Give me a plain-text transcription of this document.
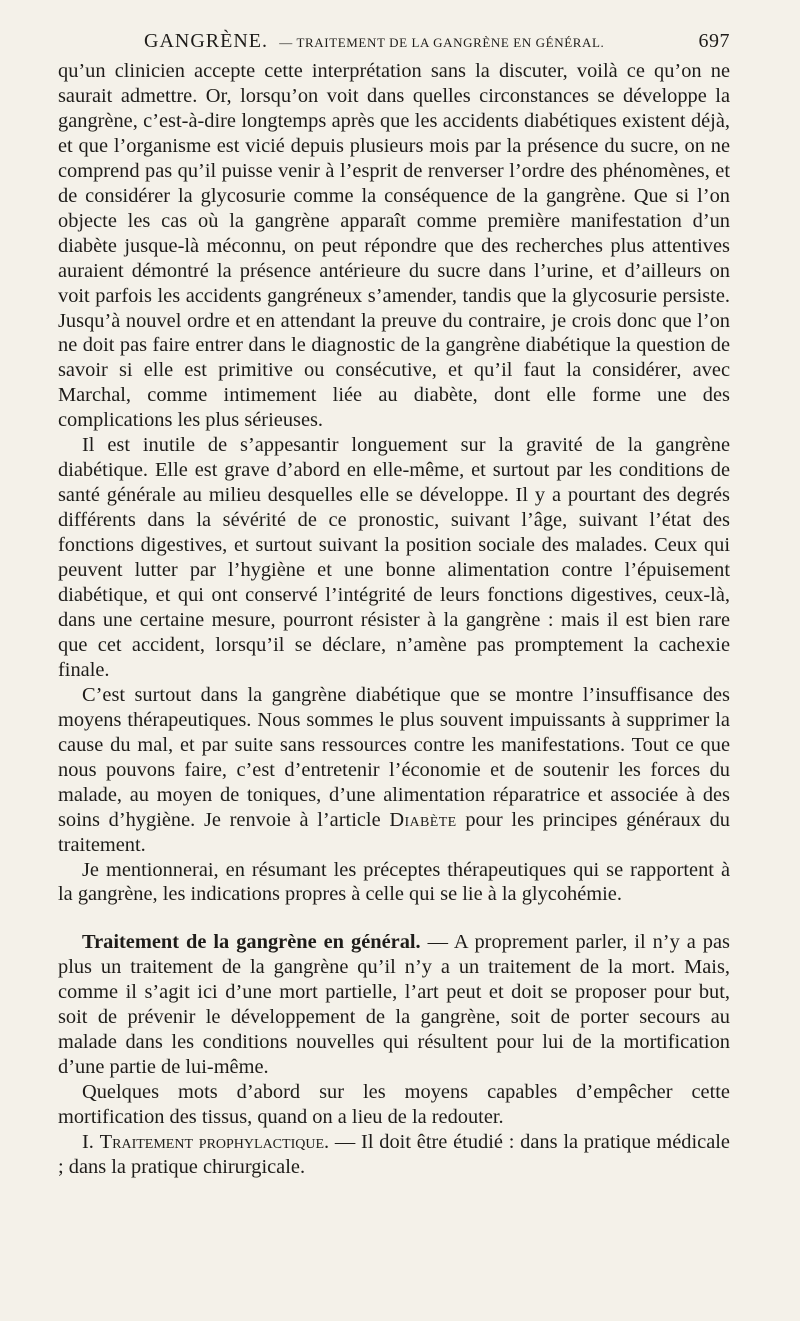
GANGRÈNE. — TRAITEMENT DE LA GANGRÈNE EN GÉNÉRAL.	697

qu’un clinicien accepte cette interprétation sans la discuter, voilà ce qu’on ne saurait admettre. Or, lorsqu’on voit dans quelles circonstances se développe la gangrène, c’est-à-dire longtemps après que les accidents diabétiques existent déjà, et que l’organisme est vicié depuis plusieurs mois par la présence du sucre, on ne comprend pas qu’il puisse venir à l’esprit de renverser l’ordre des phénomènes, et de considérer la glycosurie comme la conséquence de la gangrène. Que si l’on objecte les cas où la gangrène apparaît comme première manifestation d’un diabète jusque-là méconnu, on peut répondre que des recherches plus attentives auraient démontré la présence antérieure du sucre dans l’urine, et d’ailleurs on voit parfois les accidents gangréneux s’amender, tandis que la glycosurie persiste. Jusqu’à nouvel ordre et en attendant la preuve du contraire, je crois donc que l’on ne doit pas faire entrer dans le diagnostic de la gangrène diabétique la question de savoir si elle est primitive ou consécutive, et qu’il faut la considérer, avec Marchal, comme intimement liée au diabète, dont elle forme une des complications les plus sérieuses.

Il est inutile de s’appesantir longuement sur la gravité de la gangrène diabétique. Elle est grave d’abord en elle-même, et surtout par les conditions de santé générale au milieu desquelles elle se développe. Il y a pourtant des degrés différents dans la sévérité de ce pronostic, suivant l’âge, suivant l’état des fonctions digestives, et surtout suivant la position sociale des malades. Ceux qui peuvent lutter par l’hygiène et une bonne alimentation contre l’épuisement diabétique, et qui ont conservé l’intégrité de leurs fonctions digestives, ceux-là, dans une certaine mesure, pourront résister à la gangrène : mais il est bien rare que cet accident, lorsqu’il se déclare, n’amène pas promptement la cachexie finale.

C’est surtout dans la gangrène diabétique que se montre l’insuffisance des moyens thérapeutiques. Nous sommes le plus souvent impuissants à supprimer la cause du mal, et par suite sans ressources contre les manifestations. Tout ce que nous pouvons faire, c’est d’entretenir l’économie et de soutenir les forces du malade, au moyen de toniques, d’une alimentation réparatrice et associée à des soins d’hygiène. Je renvoie à l’article Diabète pour les principes généraux du traitement.

Je mentionnerai, en résumant les préceptes thérapeutiques qui se rapportent à la gangrène, les indications propres à celle qui se lie à la glycohémie.

Traitement de la gangrène en général. — A proprement parler, il n’y a pas plus un traitement de la gangrène qu’il n’y a un traitement de la mort. Mais, comme il s’agit ici d’une mort partielle, l’art peut et doit se proposer pour but, soit de prévenir le développement de la gangrène, soit de porter secours au malade dans les conditions nouvelles qui résultent pour lui de la mortification d’une partie de lui-même.

Quelques mots d’abord sur les moyens capables d’empêcher cette mortification des tissus, quand on a lieu de la redouter.

I. Traitement prophylactique. — Il doit être étudié : dans la pratique médicale ; dans la pratique chirurgicale.
